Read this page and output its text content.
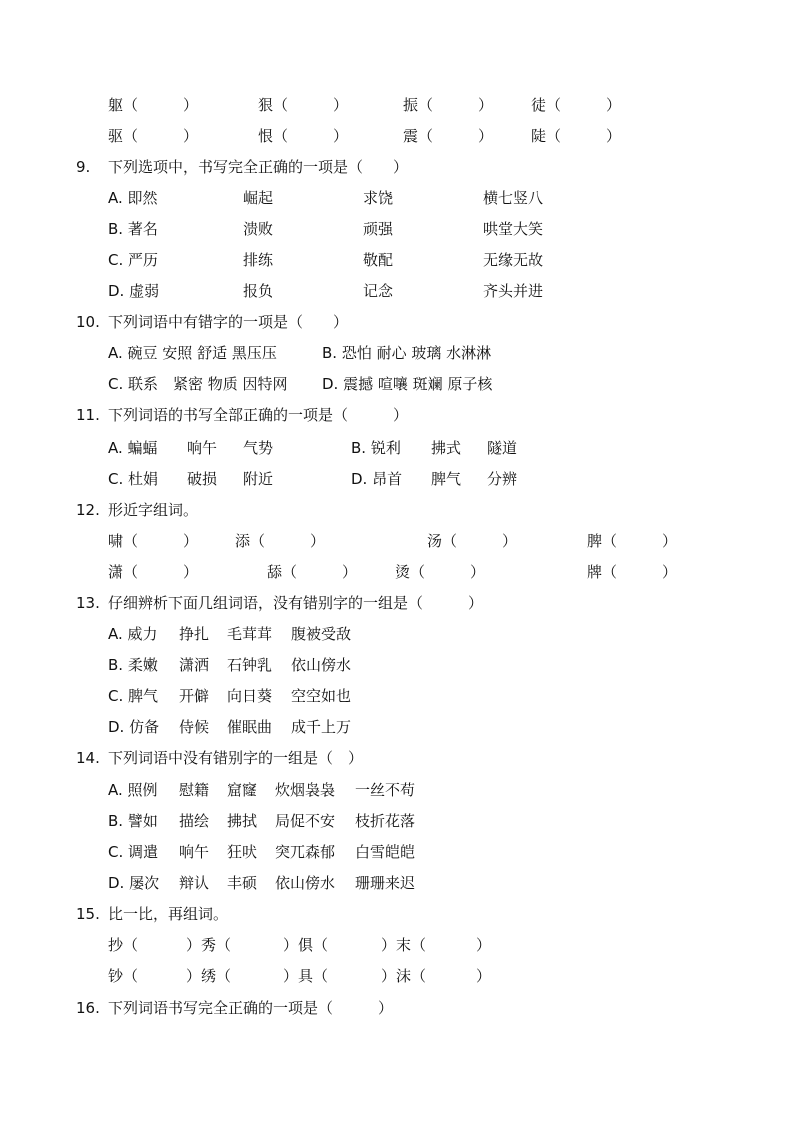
躯（　　　）	狠（　　　）	振（　　　）	徒（　　　）
驱（　　　）	恨（　　　）	震（　　　）	陡（　　　）
9. 下列选项中，书写完全正确的一项是（　　）
A. 即然	崛起	求饶	横七竖八
B. 著名	溃败	顽强	哄堂大笑
C. 严历	排练	敬配	无缘无故
D. 虚弱	报负	记念	齐头并进
10. 下列词语中有错字的一项是（　　）
A. 碗豆 安照 舒适 黑压压	B. 恐怕 耐心 玻璃 水淋淋
C. 联系　紧密 物质 因特网 D. 震撼 喧嚷 斑斓 原子核
11. 下列词语的书写全部正确的一项是（　　　）
A. 蝙蝠 响午 气势	B. 锐利 拂式 隧道
C. 杜娟 破损 附近	D. 昂首 脾气 分辨
12. 形近字组词。
啸（　　　） 添（　　　）	汤（　　　）	脾（　　　）
潇（　　　）	舔（　　　）	烫（　　　）	牌（　　　）
13. 仔细辨析下面几组词语，没有错别字的一组是（　　　）
A. 威力 挣扎 毛茸茸 腹被受敌
B. 柔嫩 潇洒 石钟乳 依山傍水
C. 脾气 开僻 向日葵 空空如也
D. 仿备 侍候 催眠曲 成千上万
14. 下列词语中没有错别字的一组是（　）
A. 照例 慰籍 窟窿 炊烟袅袅 一丝不苟
B. 譬如 描绘 拂拭 局促不安 枝折花落
C. 调遣 响午 狂吠 突兀森郁 白雪皑皑
D. 屡次 辩认 丰硕 依山傍水 珊珊来迟
15. 比一比，再组词。
抄（	）秀（	）俱（	）末（	）
钞（	）绣（	）具（	）沫（	）
16. 下列词语书写完全正确的一项是（　　　）
